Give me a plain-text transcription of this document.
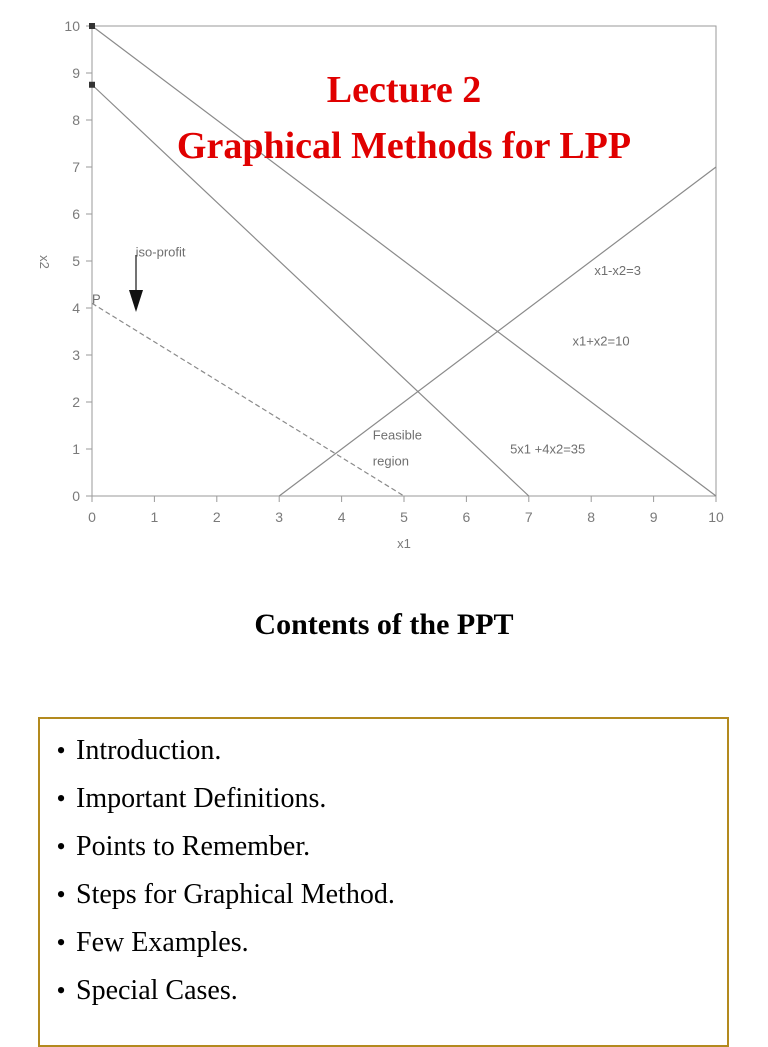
0	1	2	3	4	5	6	7	8	9	10
0
1
2
3
4
5
6
7
8
9
10
x1-x2=3
x1+x2=10
5x1 +4x2=35
Feasible
region
iso-profit
P
x1
x2
Lecture 2
Graphical Methods for LPP
Contents of the PPT
• Introduction.
• Important Definitions.
• Points to Remember.
• Steps for Graphical Method.
• Few Examples.
• Special Cases.
